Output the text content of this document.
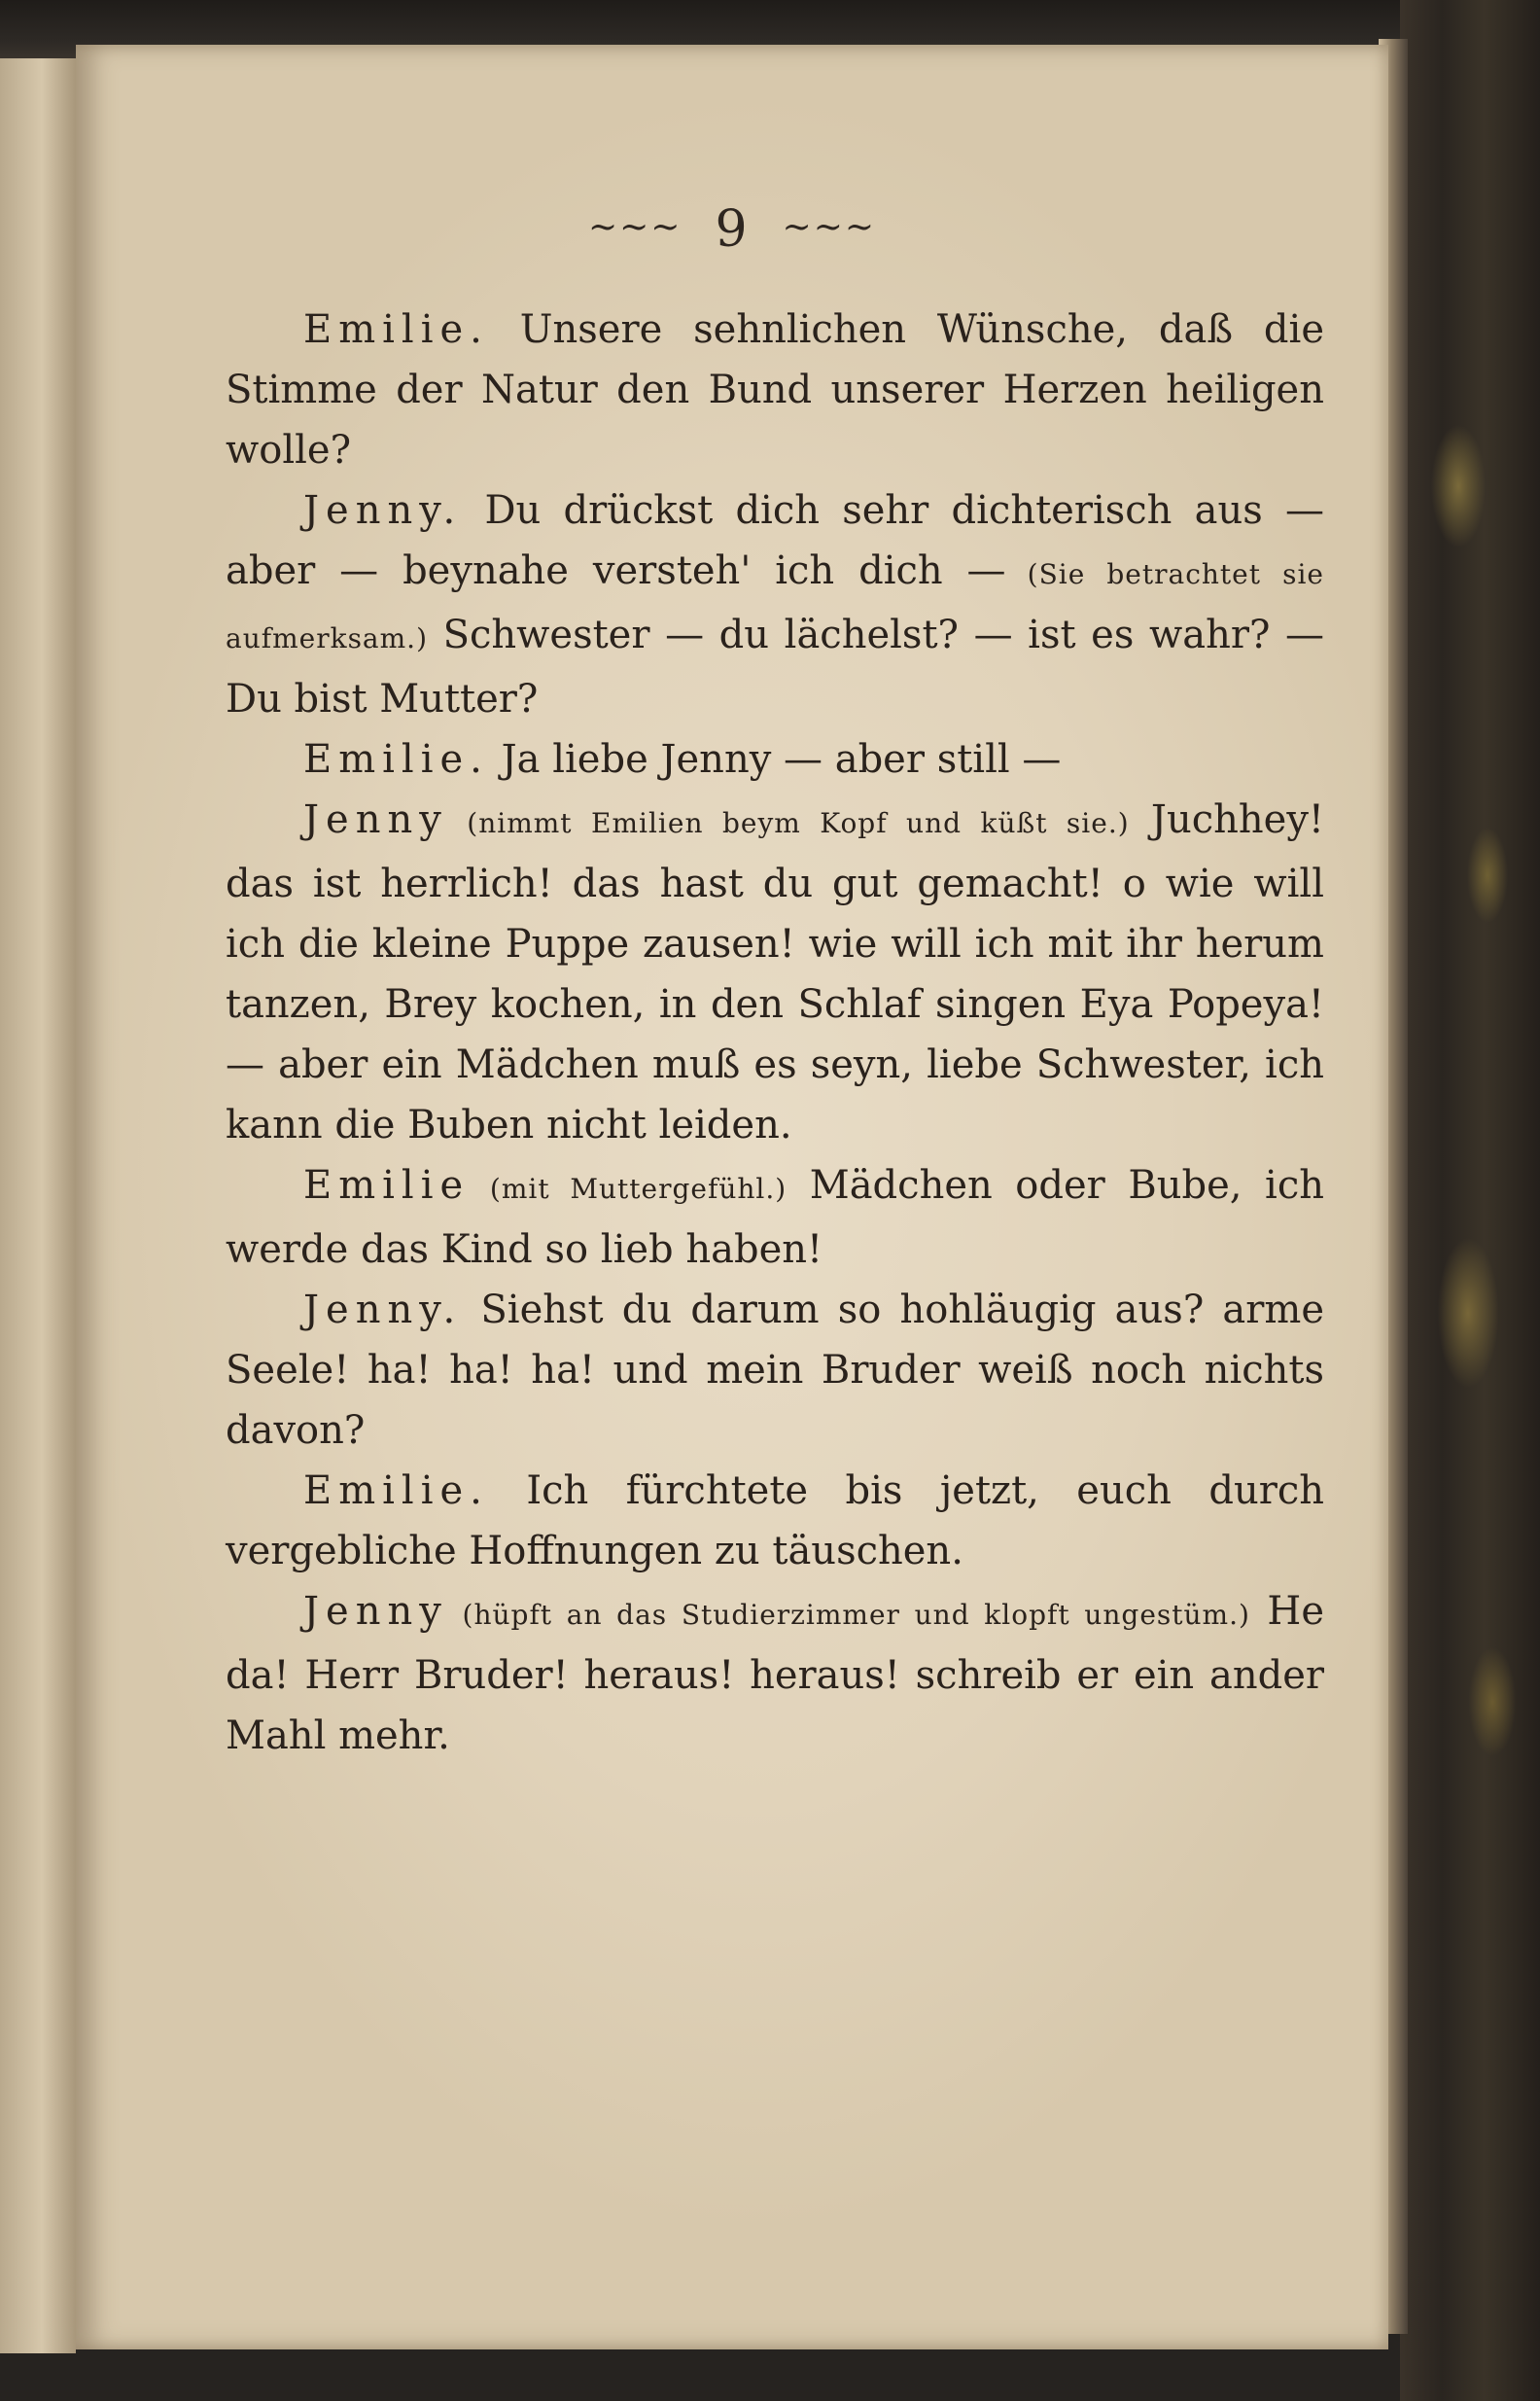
~~~ 9 ~~~

Emilie. Unsere sehnlichen Wünsche, daß die Stimme der Natur den Bund unserer Herzen heiligen wolle?

Jenny. Du drückst dich sehr dichterisch aus — aber — beynahe versteh' ich dich — (Sie betrachtet sie aufmerksam.) Schwester — du lächelst? — ist es wahr? — Du bist Mutter?

Emilie. Ja liebe Jenny — aber still —

Jenny (nimmt Emilien beym Kopf und küßt sie.) Juchhey! das ist herrlich! das hast du gut gemacht! o wie will ich die kleine Puppe zausen! wie will ich mit ihr herum tanzen, Brey kochen, in den Schlaf singen Eya Popeya! — aber ein Mädchen muß es seyn, liebe Schwester, ich kann die Buben nicht leiden.

Emilie (mit Muttergefühl.) Mädchen oder Bube, ich werde das Kind so lieb haben!

Jenny. Siehst du darum so hohläugig aus? arme Seele! ha! ha! ha! und mein Bruder weiß noch nichts davon?

Emilie. Ich fürchtete bis jetzt, euch durch vergebliche Hoffnungen zu täuschen.

Jenny (hüpft an das Studierzimmer und klopft ungestüm.) He da! Herr Bruder! heraus! heraus! schreib er ein ander Mahl mehr.
